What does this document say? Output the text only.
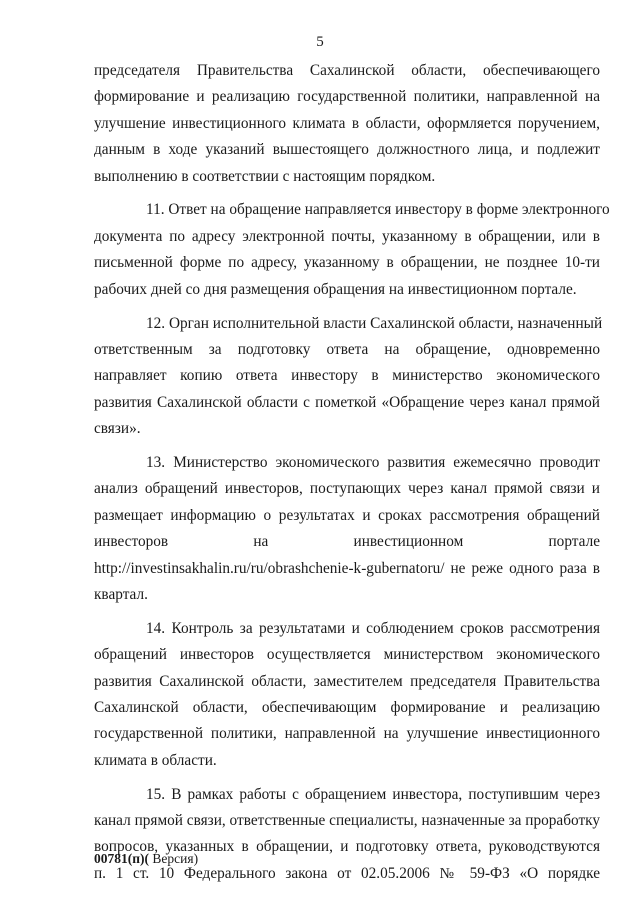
5
председателя Правительства Сахалинской области, обеспечивающего
формирование и реализацию государственной политики, направленной на
улучшение инвестиционного климата в области, оформляется поручением,
данным в ходе указаний вышестоящего должностного лица, и подлежит
выполнению в соответствии с настоящим порядком.
11. Ответ на обращение направляется инвестору в форме электронного
документа по адресу электронной почты, указанному в обращении, или в
письменной форме по адресу, указанному в обращении, не позднее 10-ти
рабочих дней со дня размещения обращения на инвестиционном портале.
12. Орган исполнительной власти Сахалинской области, назначенный
ответственным за подготовку ответа на обращение, одновременно
направляет копию ответа инвестору в министерство экономического
развития Сахалинской области с пометкой «Обращение через канал прямой
связи».
13. Министерство экономического развития ежемесячно проводит
анализ обращений инвесторов, поступающих через канал прямой связи и
размещает информацию о результатах и сроках рассмотрения обращений
инвесторов на инвестиционном портале
http://investinsakhalin.ru/ru/obrashchenie-k-gubernatoru/ не реже одного раза в
квартал.
14. Контроль за результатами и соблюдением сроков рассмотрения
обращений инвесторов осуществляется министерством экономического
развития Сахалинской области, заместителем председателя Правительства
Сахалинской области, обеспечивающим формирование и реализацию
государственной политики, направленной на улучшение инвестиционного
климата в области.
15. В рамках работы с обращением инвестора, поступившим через
канал прямой связи, ответственные специалисты, назначенные за проработку
вопросов, указанных в обращении, и подготовку ответа, руководствуются
п. 1 ст. 10 Федерального закона от 02.05.2006 № 59-ФЗ «О порядке
00781(п)( Версия)
